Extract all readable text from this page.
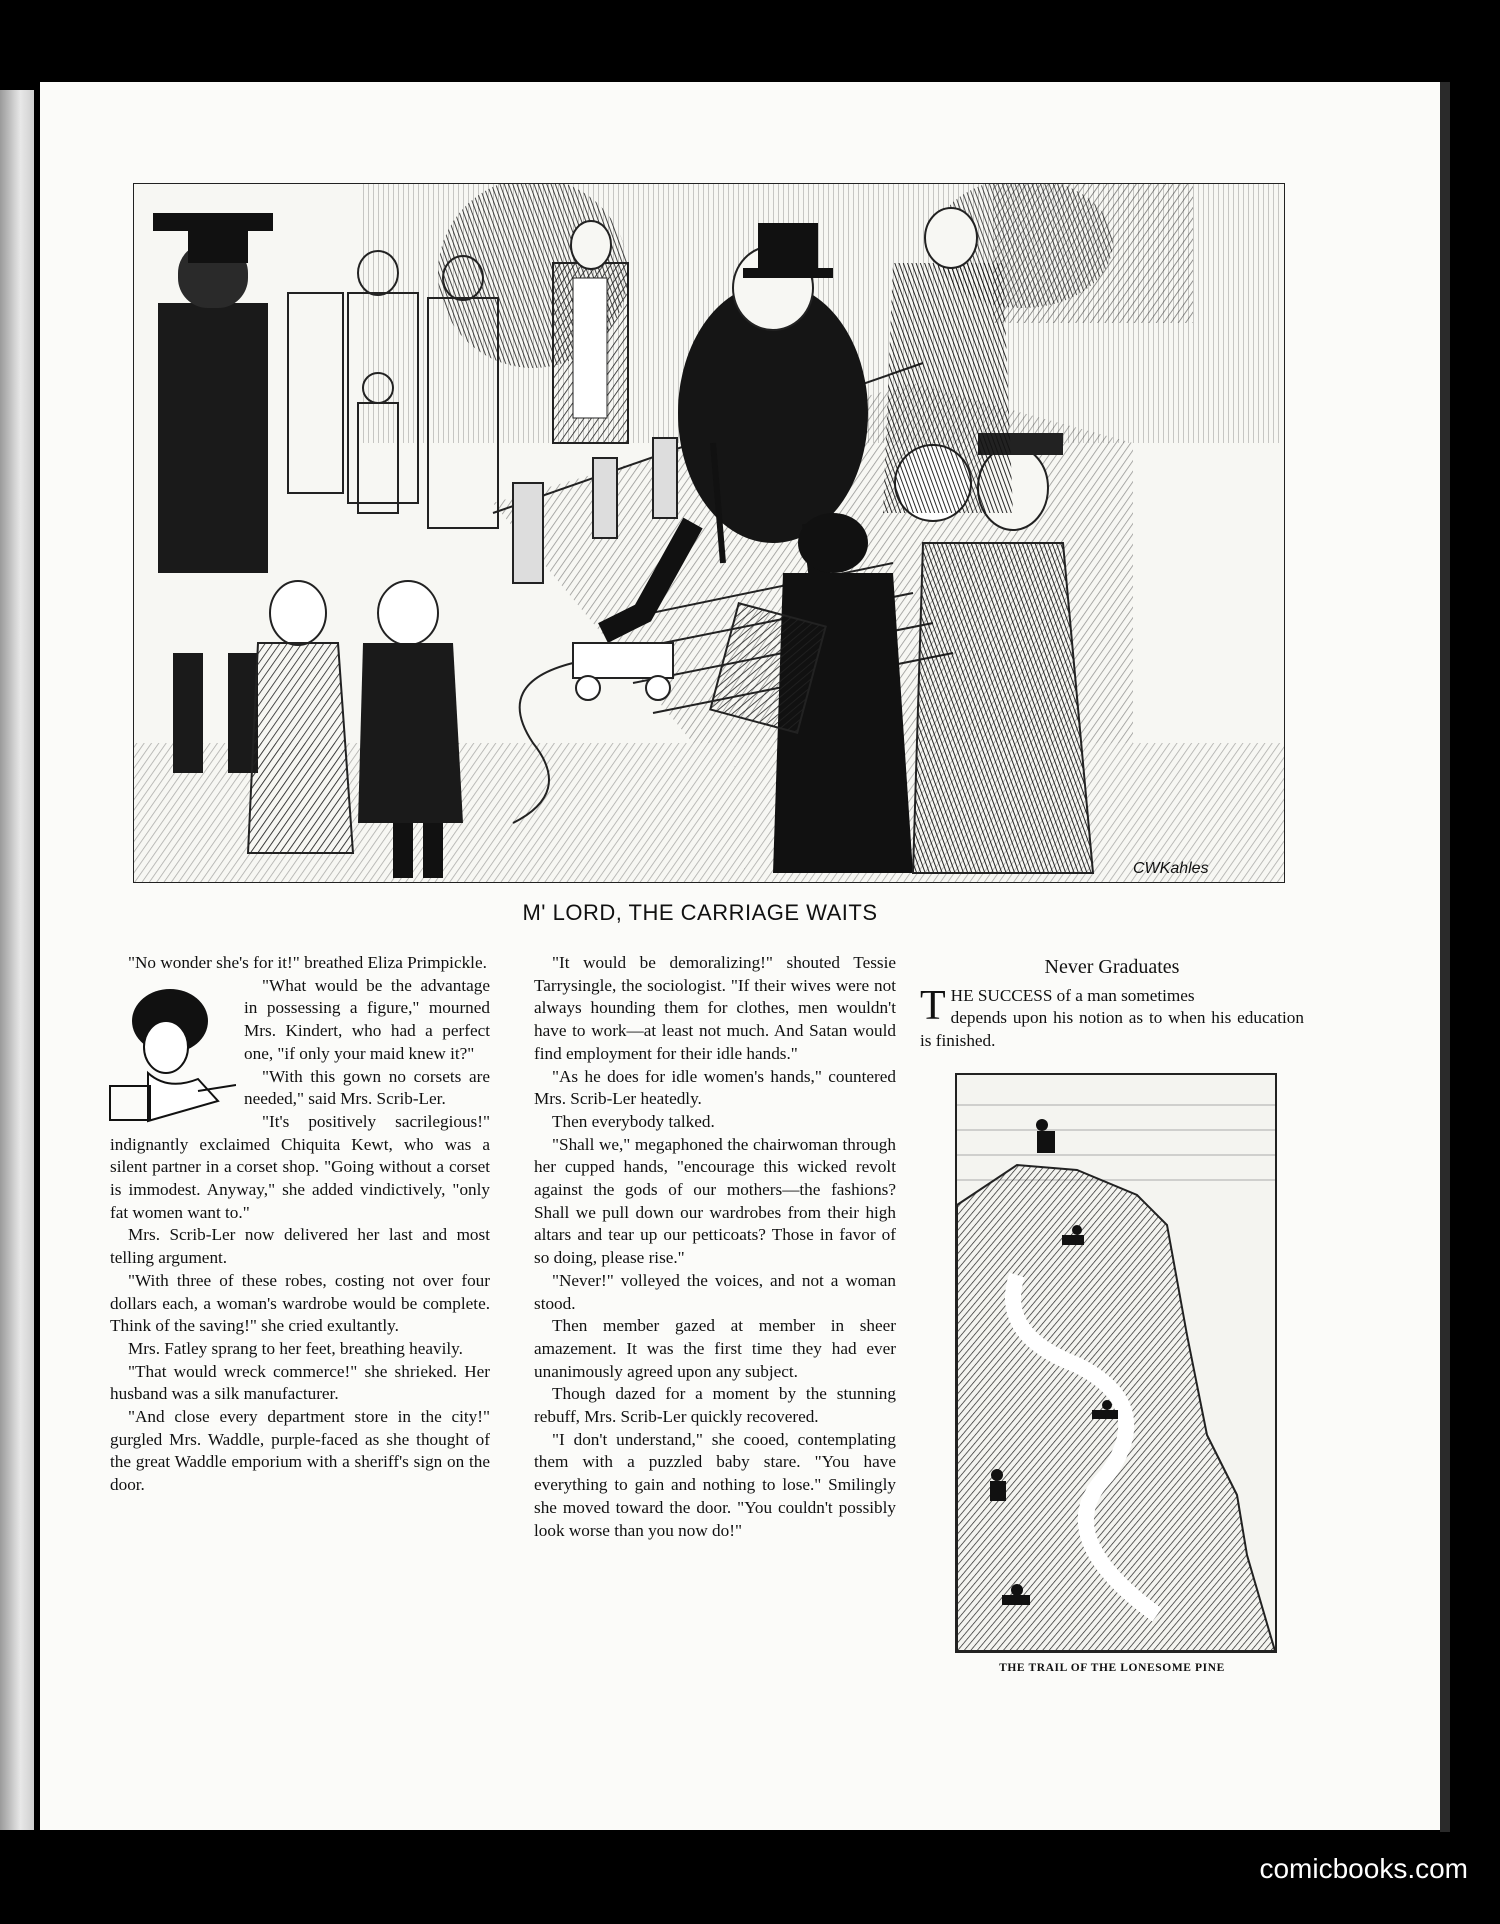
CWKahles
M' LORD, THE CARRIAGE WAITS

"No wonder she's for it!" breathed Eliza Primpickle.

"What would be the advantage in possessing a figure," mourned Mrs. Kindert, who had a perfect one, "if only your maid knew it?"

"With this gown no corsets are needed," said Mrs. Scrib-Ler.

"It's positively sacrilegious!" indignantly exclaimed Chiquita Kewt, who was a silent partner in a corset shop. "Going without a corset is immodest. Anyway," she added vindictively, "only fat women want to."

Mrs. Scrib-Ler now delivered her last and most telling argument.

"With three of these robes, costing not over four dollars each, a woman's wardrobe would be complete. Think of the saving!" she cried exultantly.

Mrs. Fatley sprang to her feet, breathing heavily.

"That would wreck commerce!" she shrieked. Her husband was a silk manufacturer.

"And close every department store in the city!" gurgled Mrs. Waddle, purple-faced as she thought of the great Waddle emporium with a sheriff's sign on the door.

"It would be demoralizing!" shouted Tessie Tarrysingle, the sociologist. "If their wives were not always hounding them for clothes, men wouldn't have to work—at least not much. And Satan would find employment for their idle hands."

"As he does for idle women's hands," countered Mrs. Scrib-Ler heatedly.

Then everybody talked.

"Shall we," megaphoned the chairwoman through her cupped hands, "encourage this wicked revolt against the gods of our mothers—the fashions? Shall we pull down our wardrobes from their high altars and tear up our petticoats? Those in favor of so doing, please rise."

"Never!" volleyed the voices, and not a woman stood.

Then member gazed at member in sheer amazement. It was the first time they had ever unanimously agreed upon any subject.

Though dazed for a moment by the stunning rebuff, Mrs. Scrib-Ler quickly recovered.

"I don't understand," she cooed, contemplating them with a puzzled baby stare. "You have everything to gain and nothing to lose." Smilingly she moved toward the door. "You couldn't possibly look worse than you now do!"

Never Graduates
T HE SUCCESS of a man sometimes
depends upon his notion as to when his education is finished.
THE TRAIL OF THE LONESOME PINE
comicbooks.com
